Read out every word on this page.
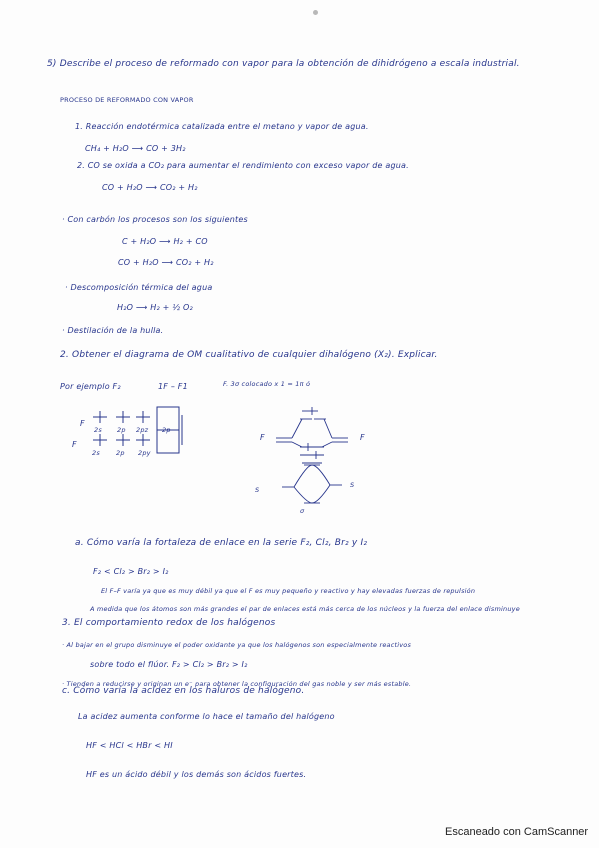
5) Describe el proceso de reformado con vapor para la obtención de dihidrógeno a escala industrial.
PROCESO DE REFORMADO CON VAPOR
1. Reacción endotérmica catalizada entre el metano y vapor de agua.
CH₄ + H₂O ⟶ CO + 3H₂
2. CO se oxida a CO₂ para aumentar el rendimiento con exceso vapor de agua.
CO + H₂O ⟶ CO₂ + H₂
· Con carbón los procesos son los siguientes
C + H₂O ⟶ H₂ + CO
CO + H₂O ⟶ CO₂ + H₂
· Descomposición térmica del agua
H₂O ⟶ H₂ + ½ O₂
· Destilación de la hulla.
2. Obtener el diagrama de OM cualitativo de cualquier dihalógeno (X₂). Explicar.
Por ejemplo F₂	1F – F1	F. 3σ colocado x 1 = 1π ó
F
F
2s 2p 2pz
2s 2p 2py
2p
F	F
S
S
σ
a. Cómo varía la fortaleza de enlace en la serie F₂, Cl₂, Br₂ y I₂
F₂ < Cl₂ > Br₂ > I₂
El F–F varía ya que es muy débil ya que el F es muy pequeño y reactivo y hay elevadas fuerzas de repulsión
A medida que los átomos son más grandes el par de enlaces está más cerca de los núcleos y la fuerza del enlace disminuye
3. El comportamiento redox de los halógenos
· Al bajar en el grupo disminuye el poder oxidante ya que los halógenos son especialmente reactivos
sobre todo el flúor. F₂ > Cl₂ > Br₂ > I₂
· Tienden a reducirse y originan un e⁻ para obtener la configuración del gas noble y ser más estable.
c. Cómo varía la acidez en los haluros de halógeno.
La acidez aumenta conforme lo hace el tamaño del halógeno
HF < HCl < HBr < HI
HF es un ácido débil y los demás son ácidos fuertes.
Escaneado con CamScanner
